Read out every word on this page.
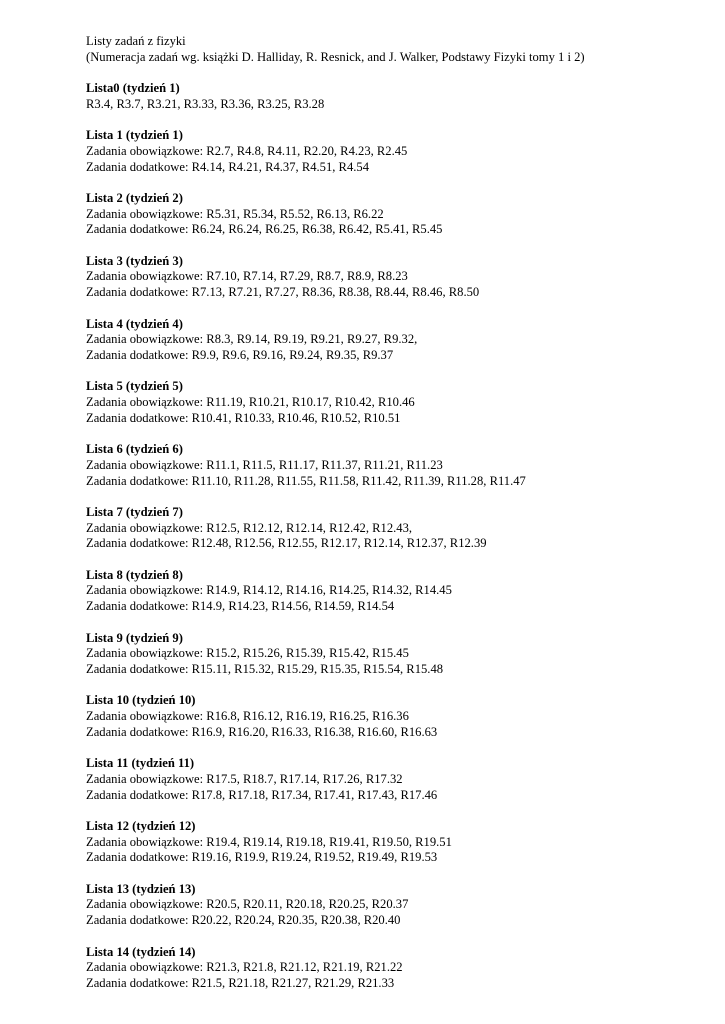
Listy zadań z fizyki
(Numeracja zadań wg. książki D. Halliday, R. Resnick, and J. Walker, Podstawy Fizyki tomy 1 i 2)
Lista0 (tydzień 1)
R3.4, R3.7, R3.21, R3.33, R3.36, R3.25, R3.28
Lista 1 (tydzień 1)
Zadania obowiązkowe: R2.7, R4.8, R4.11, R2.20, R4.23, R2.45
Zadania dodatkowe: R4.14, R4.21, R4.37, R4.51, R4.54
Lista 2 (tydzień 2)
Zadania obowiązkowe: R5.31, R5.34, R5.52, R6.13, R6.22
Zadania dodatkowe: R6.24, R6.24, R6.25, R6.38, R6.42, R5.41, R5.45
Lista 3 (tydzień 3)
Zadania obowiązkowe: R7.10, R7.14, R7.29, R8.7, R8.9, R8.23
Zadania dodatkowe: R7.13, R7.21, R7.27, R8.36, R8.38, R8.44, R8.46, R8.50
Lista 4 (tydzień 4)
Zadania obowiązkowe: R8.3, R9.14, R9.19, R9.21, R9.27, R9.32,
Zadania dodatkowe: R9.9, R9.6, R9.16, R9.24, R9.35, R9.37
Lista 5 (tydzień 5)
Zadania obowiązkowe: R11.19, R10.21, R10.17, R10.42, R10.46
Zadania dodatkowe: R10.41, R10.33, R10.46, R10.52, R10.51
Lista 6 (tydzień 6)
Zadania obowiązkowe: R11.1, R11.5, R11.17, R11.37, R11.21, R11.23
Zadania dodatkowe: R11.10, R11.28, R11.55, R11.58, R11.42, R11.39, R11.28, R11.47
Lista 7 (tydzień 7)
Zadania obowiązkowe: R12.5, R12.12, R12.14, R12.42, R12.43,
Zadania dodatkowe: R12.48, R12.56, R12.55, R12.17, R12.14, R12.37, R12.39
Lista 8 (tydzień 8)
Zadania obowiązkowe: R14.9, R14.12, R14.16, R14.25, R14.32, R14.45
Zadania dodatkowe: R14.9, R14.23, R14.56, R14.59, R14.54
Lista 9 (tydzień 9)
Zadania obowiązkowe: R15.2, R15.26, R15.39, R15.42, R15.45
Zadania dodatkowe: R15.11, R15.32, R15.29, R15.35, R15.54, R15.48
Lista 10 (tydzień 10)
Zadania obowiązkowe: R16.8, R16.12, R16.19, R16.25, R16.36
Zadania dodatkowe: R16.9, R16.20, R16.33, R16.38, R16.60, R16.63
Lista 11 (tydzień 11)
Zadania obowiązkowe: R17.5, R18.7, R17.14, R17.26, R17.32
Zadania dodatkowe: R17.8, R17.18, R17.34, R17.41, R17.43, R17.46
Lista 12 (tydzień 12)
Zadania obowiązkowe: R19.4, R19.14, R19.18, R19.41, R19.50, R19.51
Zadania dodatkowe: R19.16, R19.9, R19.24, R19.52, R19.49, R19.53
Lista 13 (tydzień 13)
Zadania obowiązkowe: R20.5, R20.11, R20.18, R20.25, R20.37
Zadania dodatkowe: R20.22, R20.24, R20.35, R20.38, R20.40
Lista 14 (tydzień 14)
Zadania obowiązkowe: R21.3, R21.8, R21.12, R21.19, R21.22
Zadania dodatkowe: R21.5, R21.18, R21.27, R21.29, R21.33
